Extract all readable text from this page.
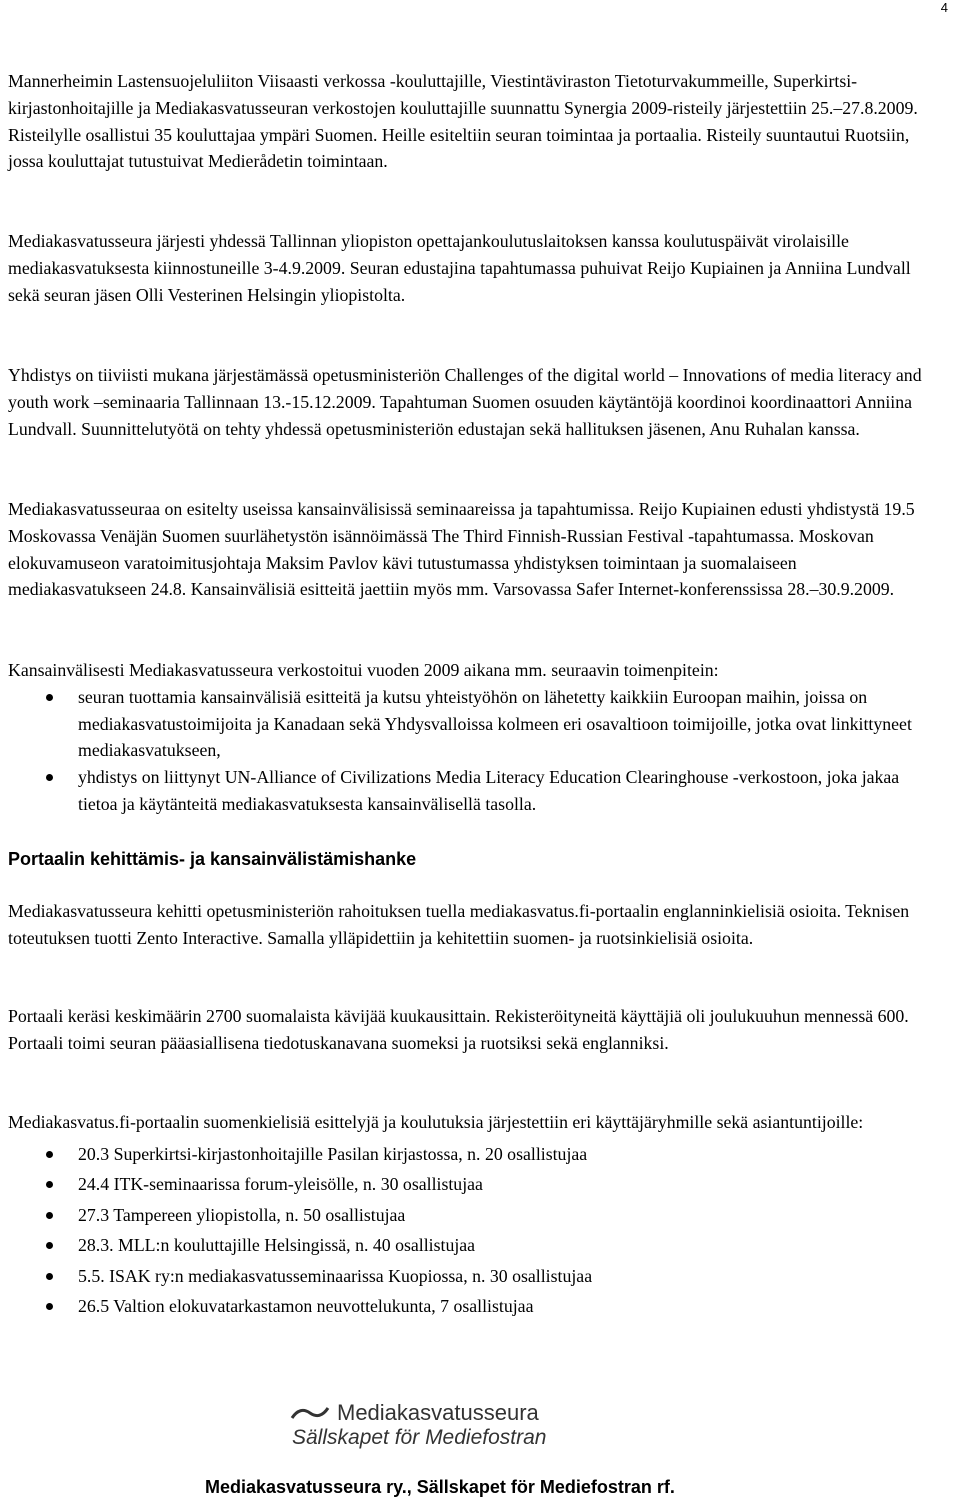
4

Mannerheimin Lastensuojeluliiton Viisaasti verkossa -kouluttajille, Viestintäviraston Tietoturvakummeille, Superkirtsi-kirjastonhoitajille ja Mediakasvatusseuran verkostojen kouluttajille suunnattu Synergia 2009-risteily järjestettiin 25.–27.8.2009. Risteilylle osallistui 35 kouluttajaa ympäri Suomen. Heille esiteltiin seuran toimintaa ja portaalia. Risteily suuntautui Ruotsiin, jossa kouluttajat tutustuivat Medierådetin toimintaan.

Mediakasvatusseura järjesti yhdessä Tallinnan yliopiston opettajankoulutuslaitoksen kanssa koulutuspäivät virolaisille mediakasvatuksesta kiinnostuneille 3-4.9.2009. Seuran edustajina tapahtumassa puhuivat Reijo Kupiainen ja Anniina Lundvall sekä seuran jäsen Olli Vesterinen Helsingin yliopistolta.

Yhdistys on tiiviisti mukana järjestämässä opetusministeriön Challenges of the digital world – Innovations of media literacy and youth work –seminaaria Tallinnaan 13.-15.12.2009. Tapahtuman Suomen osuuden käytäntöjä koordinoi koordinaattori Anniina Lundvall. Suunnittelutyötä on tehty yhdessä opetusministeriön edustajan sekä hallituksen jäsenen, Anu Ruhalan kanssa.

Mediakasvatusseuraa on esitelty useissa kansainvälisissä seminaareissa ja tapahtumissa. Reijo Kupiainen edusti yhdistystä 19.5 Moskovassa Venäjän Suomen suurlähetystön isännöimässä The Third Finnish-Russian Festival -tapahtumassa. Moskovan elokuvamuseon varatoimitusjohtaja Maksim Pavlov kävi tutustumassa yhdistyksen toimintaan ja suomalaiseen mediakasvatukseen 24.8. Kansainvälisiä esitteitä jaettiin myös mm. Varsovassa Safer Internet-konferenssissa 28.–30.9.2009.

Kansainvälisesti Mediakasvatusseura verkostoitui vuoden 2009 aikana mm. seuraavin toimenpitein:

seuran tuottamia kansainvälisiä esitteitä ja kutsu yhteistyöhön on lähetetty kaikkiin Euroopan maihin, joissa on mediakasvatustoimijoita ja Kanadaan sekä Yhdysvalloissa kolmeen eri osavaltioon toimijoille, jotka ovat linkittyneet mediakasvatukseen,
yhdistys on liittynyt UN-Alliance of Civilizations Media Literacy Education Clearinghouse -verkostoon, joka jakaa tietoa ja käytänteitä mediakasvatuksesta kansainvälisellä tasolla.
Portaalin kehittämis- ja kansainvälistämishanke

Mediakasvatusseura kehitti opetusministeriön rahoituksen tuella mediakasvatus.fi-portaalin englanninkielisiä osioita. Teknisen toteutuksen tuotti Zento Interactive. Samalla ylläpidettiin ja kehitettiin suomen- ja ruotsinkielisiä osioita.

Portaali keräsi keskimäärin 2700 suomalaista kävijää kuukausittain. Rekisteröityneitä käyttäjiä oli joulukuuhun mennessä 600. Portaali toimi seuran pääasiallisena tiedotuskanavana suomeksi ja ruotsiksi sekä englanniksi.

Mediakasvatus.fi-portaalin suomenkielisiä esittelyjä ja koulutuksia järjestettiin eri käyttäjäryhmille sekä asiantuntijoille:

20.3 Superkirtsi-kirjastonhoitajille Pasilan kirjastossa, n. 20 osallistujaa
24.4 ITK-seminaarissa forum-yleisölle, n. 30 osallistujaa
27.3 Tampereen yliopistolla, n. 50 osallistujaa
28.3. MLL:n kouluttajille Helsingissä, n. 40 osallistujaa
5.5. ISAK ry:n mediakasvatusseminaarissa Kuopiossa, n. 30 osallistujaa
26.5 Valtion elokuvatarkastamon neuvottelukunta, 7 osallistujaa
Mediakasvatusseura
Sällskapet för Mediefostran
Mediakasvatusseura ry., Sällskapet för Mediefostran rf.
